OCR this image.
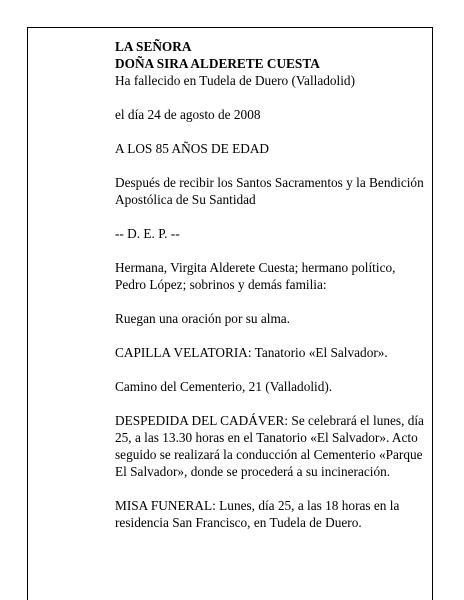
LA SEÑORA

DOÑA SIRA ALDERETE CUESTA

Ha fallecido en Tudela de Duero (Valladolid)

el día 24 de agosto de 2008

A LOS 85 AÑOS DE EDAD

Después de recibir los Santos Sacramentos y la Bendición Apostólica de Su Santidad

-- D. E. P. --

Hermana, Virgita Alderete Cuesta; hermano político, Pedro López; sobrinos y demás familia:

Ruegan una oración por su alma.

CAPILLA VELATORIA: Tanatorio «El Salvador».

Camino del Cementerio, 21 (Valladolid).

DESPEDIDA DEL CADÁVER: Se celebrará el lunes, día 25, a las 13.30 horas en el Tanatorio «El Salvador». Acto seguido se realizará la conducción al Cementerio «Parque El Salvador», donde se procederá a su incineración.

MISA FUNERAL: Lunes, día 25, a las 18 horas en la residencia San Francisco, en Tudela de Duero.
